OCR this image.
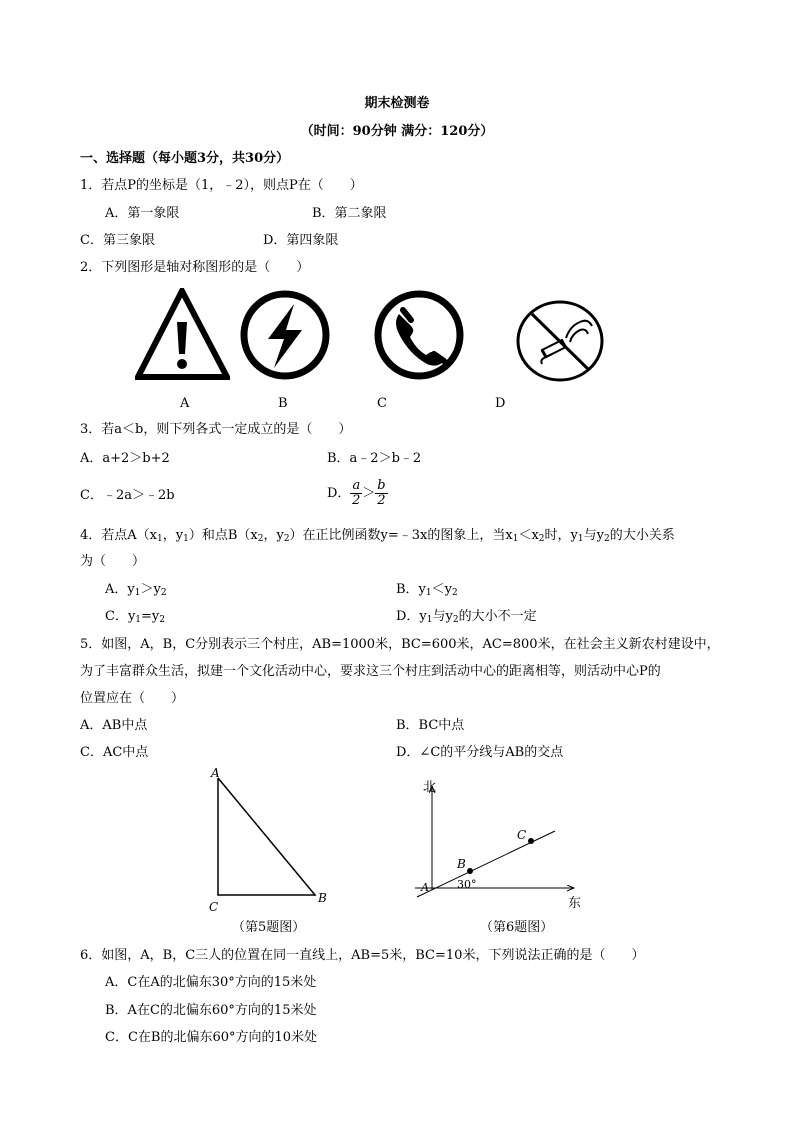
期末检测卷
（时间：90分钟 满分：120分）
一、选择题（每小题3分，共30分）
1．若点P的坐标是（1，﹣2），则点P在（　　）
A．第一象限	B．第二象限
C．第三象限	D．第四象限
2．下列图形是轴对称图形的是（　　）
A	B	C	D
3．若a＜b，则下列各式一定成立的是（　　）
A．a+2＞b+2	B．a﹣2＞b﹣2
C．﹣2a＞﹣2b	D． $\frac{a}{2} > \frac{b}{2}$
4．若点$A(x_1$，$y_1$）和点$B(x_2$，$y_2$）在正比例函数y=﹣3x的图象上，当$x_1<x_2$时，$y_1$与$y_2$的大小关系
为（　　）
A．$y_1>y_2$	B．$y_1<y_2$
C．$y_1=y_2$	D．$y_1$与$y_2$的大小不一定
5．如图，A，B，C分别表示三个村庄，AB=1000米，BC=600米，AC=800米，在社会主义新农村建设中，
为了丰富群众生活，拟建一个文化活动中心，要求这三个村庄到活动中心的距离相等，则活动中心P的
位置应在（　　）
A．AB中点	B．BC中点
C．AC中点	D．∠C的平分线与AB的交点
A
B
C
（第5题图）
北
东
A
B
C
30°
（第6题图）
6．如图，A，B，C三人的位置在同一直线上，AB=5米，BC=10米，下列说法正确的是（　　）
A．C在A的北偏东30°方向的15米处
B．A在C的北偏东60°方向的15米处
C．C在B的北偏东60°方向的10米处
